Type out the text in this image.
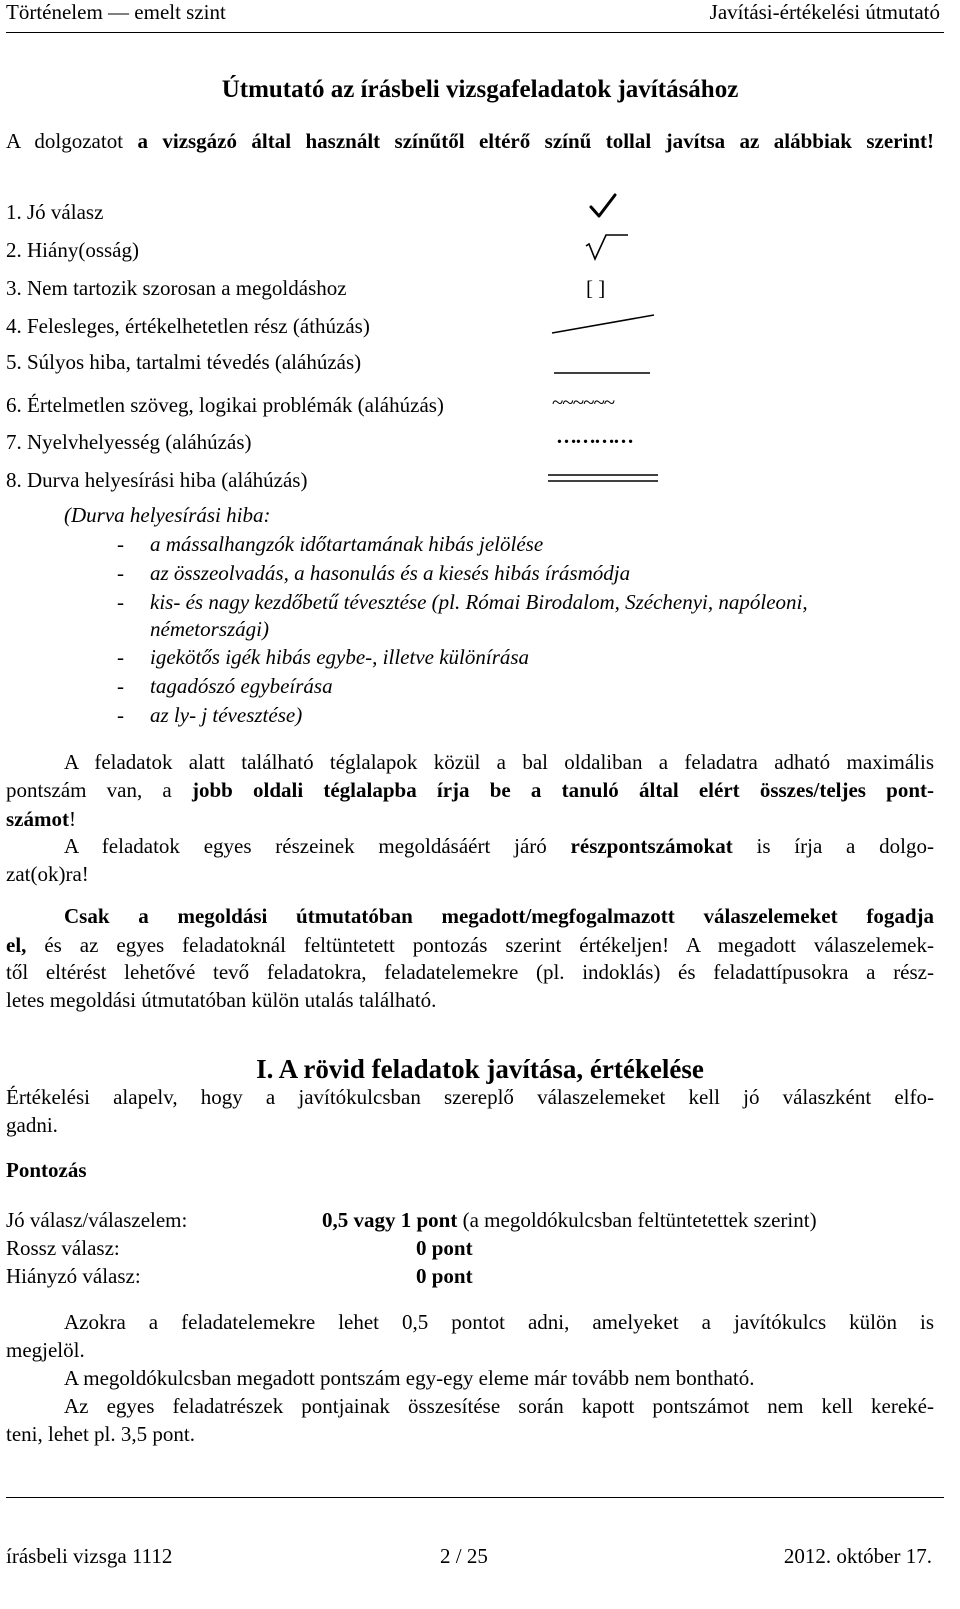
Történelem — emelt szint	Javítási-értékelési útmutató
Útmutató az írásbeli vizsgafeladatok javításához
A dolgozatot a vizsgázó által használt színűtől eltérő színű tollal javítsa az alábbiak szerint!
1. Jó válasz
2. Hiány(osság)
3. Nem tartozik szorosan a megoldáshoz	[ ]
4. Felesleges, értékelhetetlen rész (áthúzás)
5. Súlyos hiba, tartalmi tévedés (aláhúzás)
6. Értelmetlen szöveg, logikai problémák (aláhúzás)	~~~~~~
7. Nyelvhelyesség (aláhúzás)	…………
8. Durva helyesírási hiba (aláhúzás)
(Durva helyesírási hiba:
- a mássalhangzók időtartamának hibás jelölése
- az összeolvadás, a hasonulás és a kiesés hibás írásmódja
- kis- és nagy kezdőbetű tévesztése (pl. Római Birodalom, Széchenyi, napóleoni,
németországi)
- igekötős igék hibás egybe-, illetve különírása
- tagadószó egybeírása
- az ly- j tévesztése)
A feladatok alatt található téglalapok közül a bal oldaliban a feladatra adható maximális
pontszám van, a jobb oldali téglalapba írja be a tanuló által elért összes/teljes pont-
számot!
A feladatok egyes részeinek megoldásáért járó részpontszámokat is írja a dolgo-
zat(ok)ra!
Csak a megoldási útmutatóban megadott/megfogalmazott válaszelemeket fogadja
el, és az egyes feladatoknál feltüntetett pontozás szerint értékeljen! A megadott válaszelemek-
től eltérést lehetővé tevő feladatokra, feladatelemekre (pl. indoklás) és feladattípusokra a rész-
letes megoldási útmutatóban külön utalás található.
I. A rövid feladatok javítása, értékelése
Értékelési alapelv, hogy a javítókulcsban szereplő válaszelemeket kell jó válaszként elfo-
gadni.
Pontozás
Jó válasz/válaszelem:	0,5 vagy 1 pont (a megoldókulcsban feltüntetettek szerint)
Rossz válasz:	0 pont
Hiányzó válasz:	0 pont
Azokra a feladatelemekre lehet 0,5 pontot adni, amelyeket a javítókulcs külön is
megjelöl.
A megoldókulcsban megadott pontszám egy-egy eleme már tovább nem bontható.
Az egyes feladatrészek pontjainak összesítése során kapott pontszámot nem kell kereké-
teni, lehet pl. 3,5 pont.
írásbeli vizsga 1112	2 / 25	2012. október 17.
